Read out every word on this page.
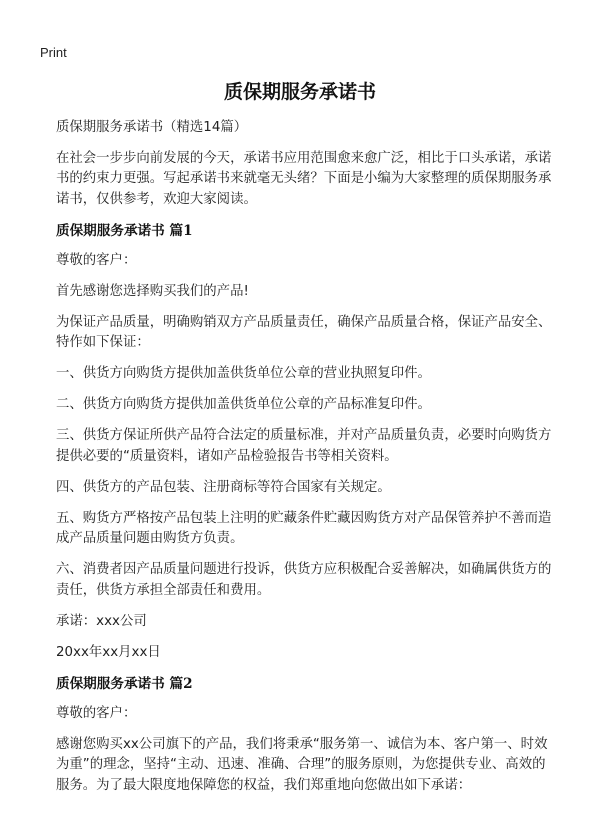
Print
质保期服务承诺书

质保期服务承诺书（精选14篇）

在社会一步步向前发展的今天，承诺书应用范围愈来愈广泛，相比于口头承诺，承诺书的约束力更强。写起承诺书来就毫无头绪？下面是小编为大家整理的质保期服务承诺书，仅供参考，欢迎大家阅读。

质保期服务承诺书 篇1

尊敬的客户：

首先感谢您选择购买我们的产品!

为保证产品质量，明确购销双方产品质量责任，确保产品质量合格，保证产品安全、特作如下保证：

一、供货方向购货方提供加盖供货单位公章的营业执照复印件。

二、供货方向购货方提供加盖供货单位公章的产品标准复印件。

三、供货方保证所供产品符合法定的质量标准，并对产品质量负责，必要时向购货方提供必要的“质量资料，诸如产品检验报告书等相关资料。

四、供货方的产品包装、注册商标等符合国家有关规定。

五、购货方严格按产品包装上注明的贮藏条件贮藏因购货方对产品保管养护不善而造成产品质量问题由购货方负责。

六、消费者因产品质量问题进行投诉，供货方应积极配合妥善解决，如确属供货方的责任，供货方承担全部责任和费用。

承诺：xxx公司

20xx年xx月xx日

质保期服务承诺书 篇2

尊敬的客户：

感谢您购买xx公司旗下的产品，我们将秉承“服务第一、诚信为本、客户第一、时效为重”的理念，坚持“主动、迅速、准确、合理”的服务原则，为您提供专业、高效的服务。为了最大限度地保障您的权益，我们郑重地向您做出如下承诺：
